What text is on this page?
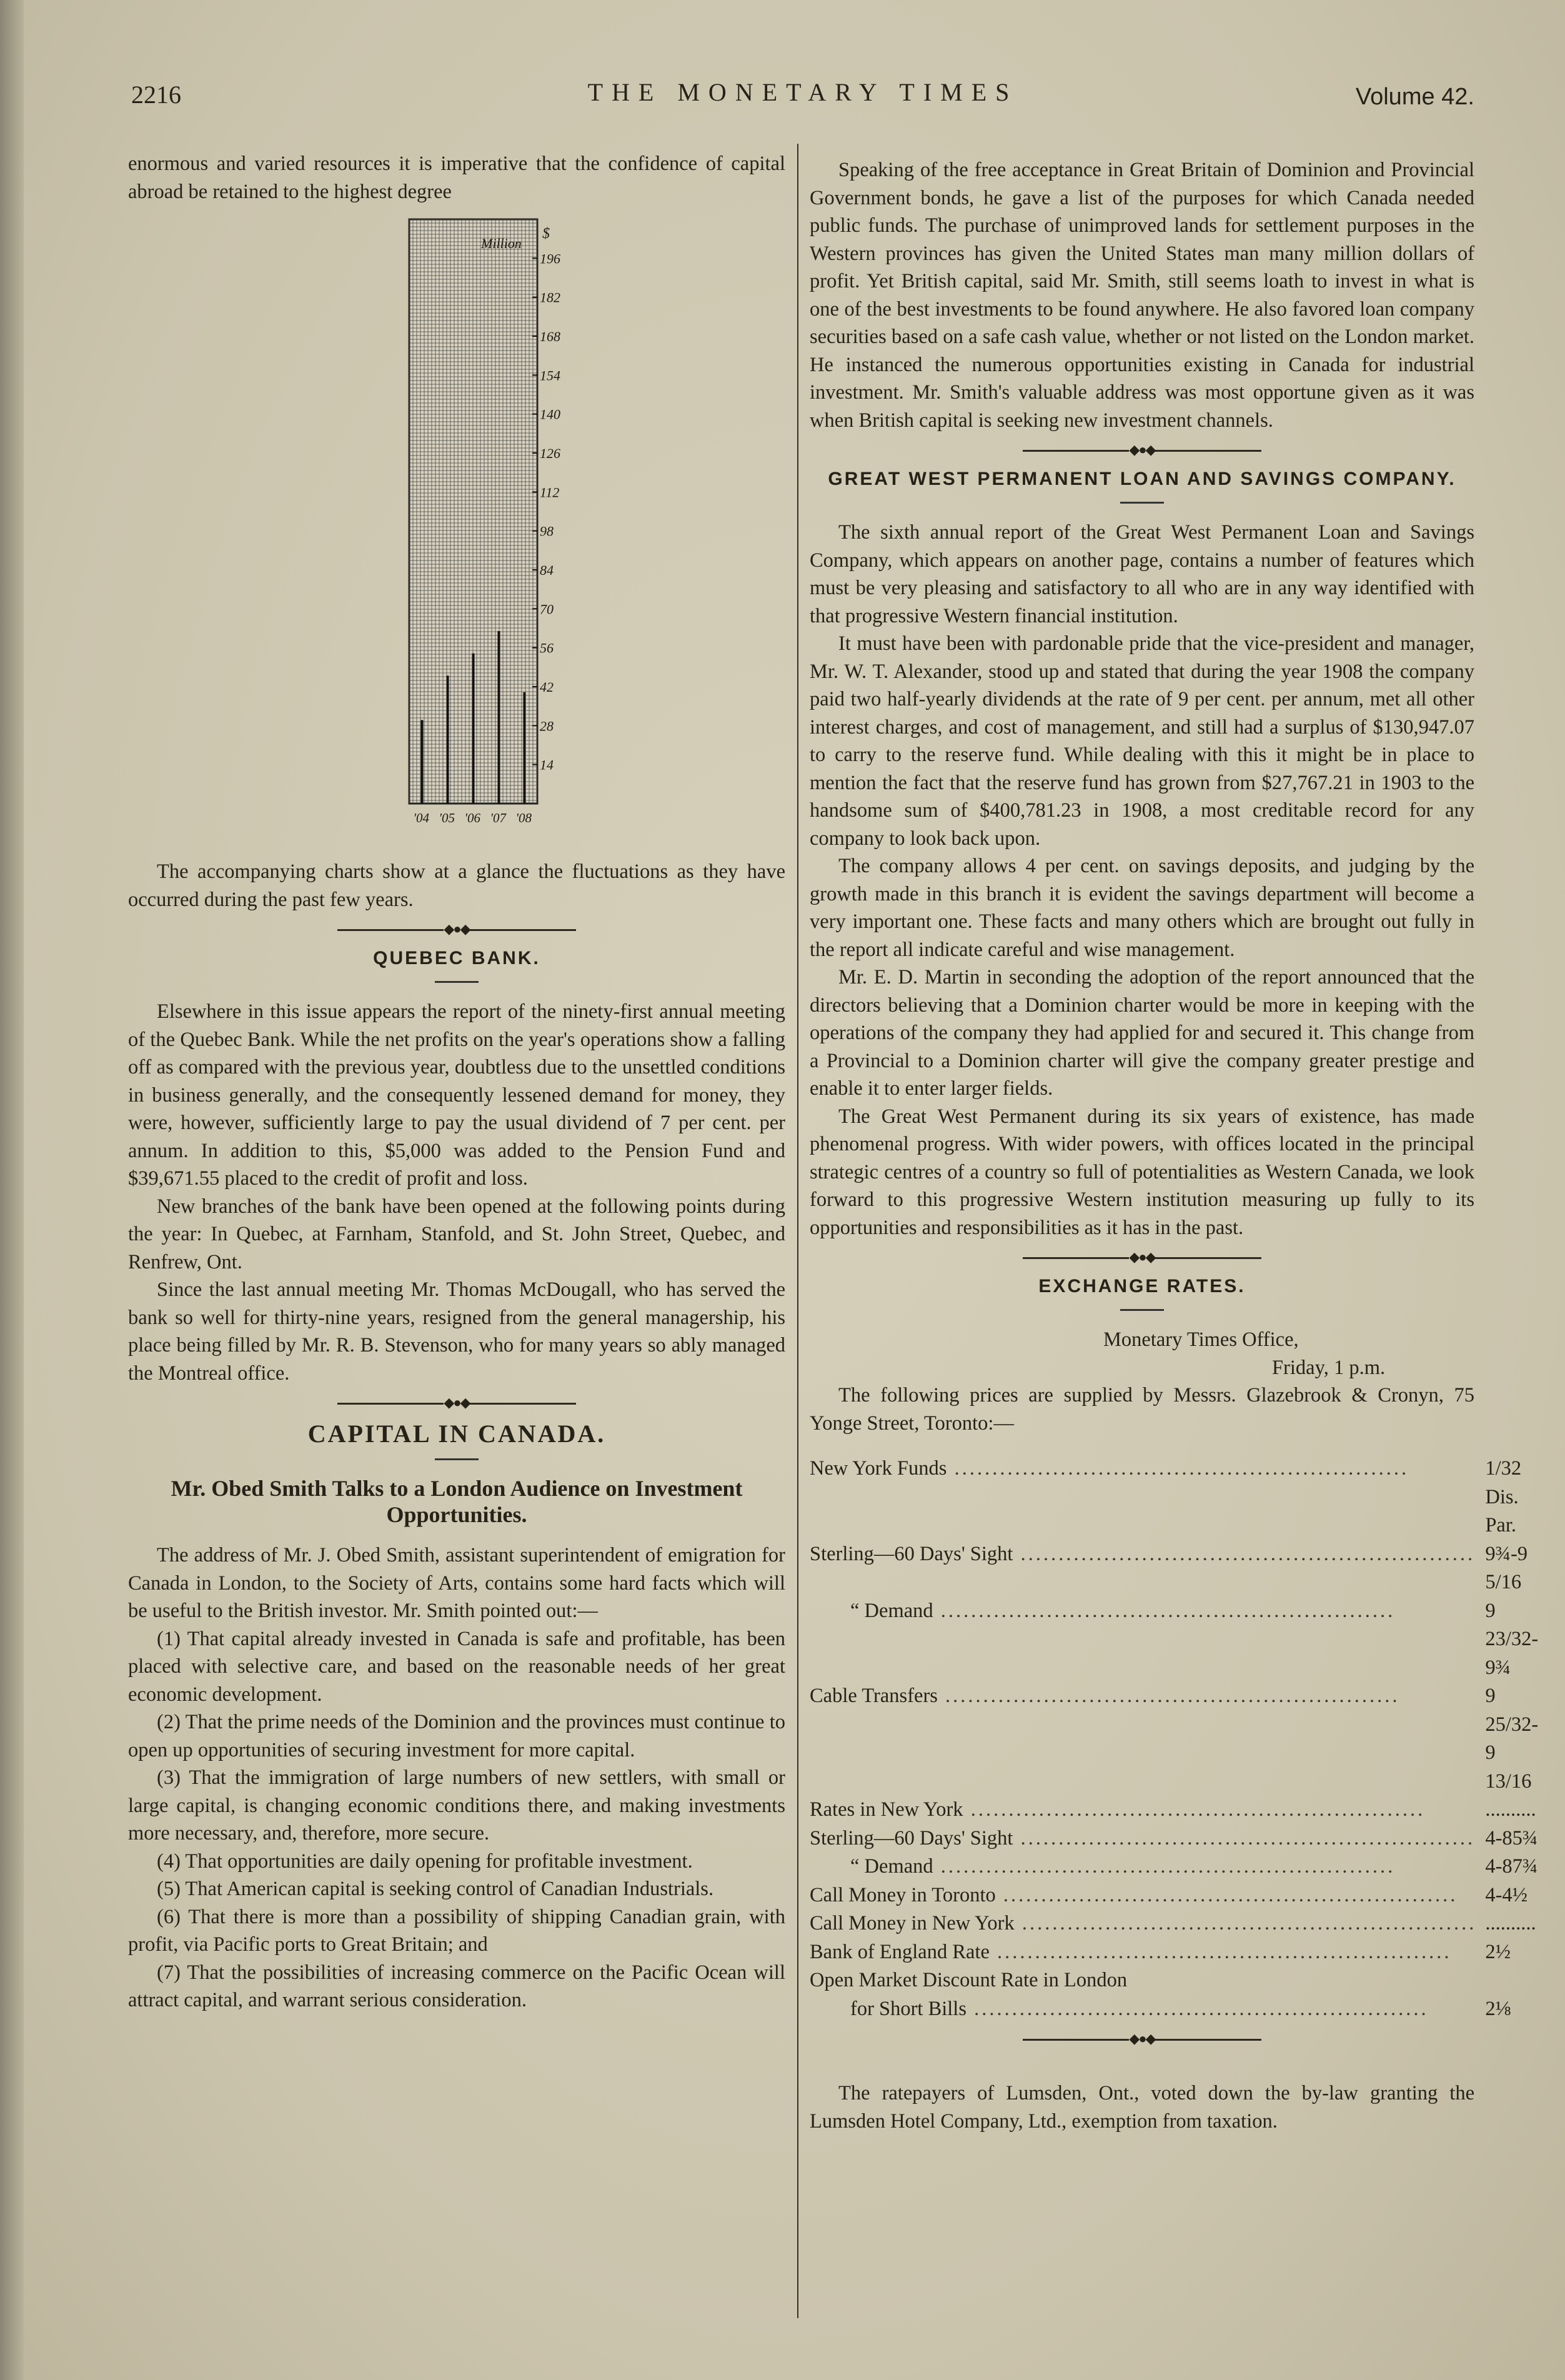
2216	THE MONETARY TIMES	Volume 42.

enormous and varied resources it is imperative that the confidence of capital abroad be retained to the highest degree

14
28
42
56
70
84
98
112
126
140
154
168
182
196
Million
$
'04 '05 '06 '07 '08

The accompanying charts show at a glance the fluctuations as they have occurred during the past few years.

◆●◆
QUEBEC BANK.

Elsewhere in this issue appears the report of the ninety-first annual meeting of the Quebec Bank. While the net profits on the year's operations show a falling off as compared with the previous year, doubtless due to the unsettled conditions in business generally, and the consequently lessened demand for money, they were, however, sufficiently large to pay the usual dividend of 7 per cent. per annum. In addition to this, $5,000 was added to the Pension Fund and $39,671.55 placed to the credit of profit and loss.

New branches of the bank have been opened at the following points during the year: In Quebec, at Farnham, Stanfold, and St. John Street, Quebec, and Renfrew, Ont.

Since the last annual meeting Mr. Thomas McDougall, who has served the bank so well for thirty-nine years, resigned from the general managership, his place being filled by Mr. R. B. Stevenson, who for many years so ably managed the Montreal office.

◆●◆
CAPITAL IN CANADA.
Mr. Obed Smith Talks to a London Audience on Investment Opportunities.

The address of Mr. J. Obed Smith, assistant superintendent of emigration for Canada in London, to the Society of Arts, contains some hard facts which will be useful to the British investor. Mr. Smith pointed out:—

(1) That capital already invested in Canada is safe and profitable, has been placed with selective care, and based on the reasonable needs of her great economic development.

(2) That the prime needs of the Dominion and the provinces must continue to open up opportunities of securing investment for more capital.

(3) That the immigration of large numbers of new settlers, with small or large capital, is changing economic conditions there, and making investments more necessary, and, therefore, more secure.

(4) That opportunities are daily opening for profitable investment.

(5) That American capital is seeking control of Canadian Industrials.

(6) That there is more than a possibility of shipping Canadian grain, with profit, via Pacific ports to Great Britain; and

(7) That the possibilities of increasing commerce on the Pacific Ocean will attract capital, and warrant serious consideration.

Speaking of the free acceptance in Great Britain of Dominion and Provincial Government bonds, he gave a list of the purposes for which Canada needed public funds. The purchase of unimproved lands for settlement purposes in the Western provinces has given the United States man many million dollars of profit. Yet British capital, said Mr. Smith, still seems loath to invest in what is one of the best investments to be found anywhere. He also favored loan company securities based on a safe cash value, whether or not listed on the London market. He instanced the numerous opportunities existing in Canada for industrial investment. Mr. Smith's valuable address was most opportune given as it was when British capital is seeking new investment channels.

◆●◆
GREAT WEST PERMANENT LOAN AND SAVINGS COMPANY.

The sixth annual report of the Great West Permanent Loan and Savings Company, which appears on another page, contains a number of features which must be very pleasing and satisfactory to all who are in any way identified with that progressive Western financial institution.

It must have been with pardonable pride that the vice-president and manager, Mr. W. T. Alexander, stood up and stated that during the year 1908 the company paid two half-yearly dividends at the rate of 9 per cent. per annum, met all other interest charges, and cost of management, and still had a surplus of $130,947.07 to carry to the reserve fund. While dealing with this it might be in place to mention the fact that the reserve fund has grown from $27,767.21 in 1903 to the handsome sum of $400,781.23 in 1908, a most creditable record for any company to look back upon.

The company allows 4 per cent. on savings deposits, and judging by the growth made in this branch it is evident the savings department will become a very important one. These facts and many others which are brought out fully in the report all indicate careful and wise management.

Mr. E. D. Martin in seconding the adoption of the report announced that the directors believing that a Dominion charter would be more in keeping with the operations of the company they had applied for and secured it. This change from a Provincial to a Dominion charter will give the company greater prestige and enable it to enter larger fields.

The Great West Permanent during its six years of existence, has made phenomenal progress. With wider powers, with offices located in the principal strategic centres of a country so full of potentialities as Western Canada, we look forward to this progressive Western institution measuring up fully to its opportunities and responsibilities as it has in the past.

◆●◆
EXCHANGE RATES.

Monetary Times Office,

Friday, 1 p.m.

The following prices are supplied by Messrs. Glazebrook & Cronyn, 75 Yonge Street, Toronto:—

New York Funds ............................................................	1/32 Dis. Par.
Sterling—60 Days' Sight ............................................................	9¾-9 5/16
  “ Demand ............................................................	9 23/32-9¾
Cable Transfers ............................................................	9 25/32-9 13/16
Rates in New York ............................................................	..........
Sterling—60 Days' Sight ............................................................	4-85¾
  “ Demand ............................................................	4-87¾
Call Money in Toronto ............................................................	4-4½
Call Money in New York ............................................................	..........
Bank of England Rate ............................................................	2½
Open Market Discount Rate in London	
  for Short Bills ............................................................	2⅛
◆●◆

The ratepayers of Lumsden, Ont., voted down the by-law granting the Lumsden Hotel Company, Ltd., exemption from taxation.
